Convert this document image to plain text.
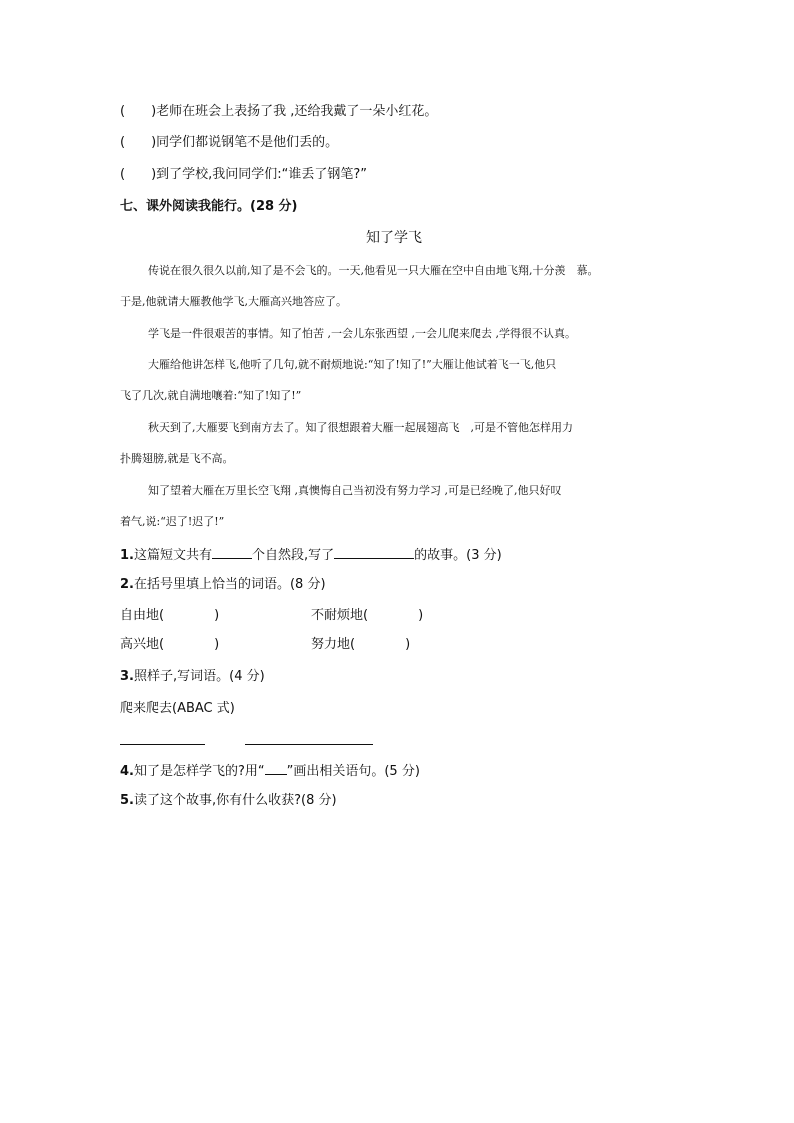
( )老师在班会上表扬了我 ,还给我戴了一朵小红花。
( )同学们都说钢笔不是他们丢的。
( )到了学校,我问同学们:“谁丢了钢笔?”
七、课外阅读我能行。(28 分)
知了学飞
传说在很久很久以前,知了是不会飞的。一天,他看见一只大雁在空中自由地飞翔,十分羡　慕。
于是,他就请大雁教他学飞,大雁高兴地答应了。
学飞是一件很艰苦的事情。知了怕苦 ,一会儿东张西望 ,一会儿爬来爬去 ,学得很不认真。
大雁给他讲怎样飞,他听了几句,就不耐烦地说:“知了!知了!”大雁让他试着飞一飞,他只
飞了几次,就自满地嚷着:“知了!知了!”
秋天到了,大雁要飞到南方去了。知了很想跟着大雁一起展翅高飞　,可是不管他怎样用力
扑腾翅膀,就是飞不高。
知了望着大雁在万里长空飞翔 ,真懊悔自己当初没有努力学习 ,可是已经晚了,他只好叹
着气,说:“迟了!迟了!”
1.这篇短文共有	个自然段,写了	的故事。(3 分)
2.在括号里填上恰当的词语。(8 分)
自由地(	)	不耐烦地(	)
高兴地(	)	努力地(	)
3.照样子,写词语。(4 分)
爬来爬去(ABAC 式)
4.知了是怎样学飞的?用“ ”画出相关语句。(5 分)
5.读了这个故事,你有什么收获?(8 分)
